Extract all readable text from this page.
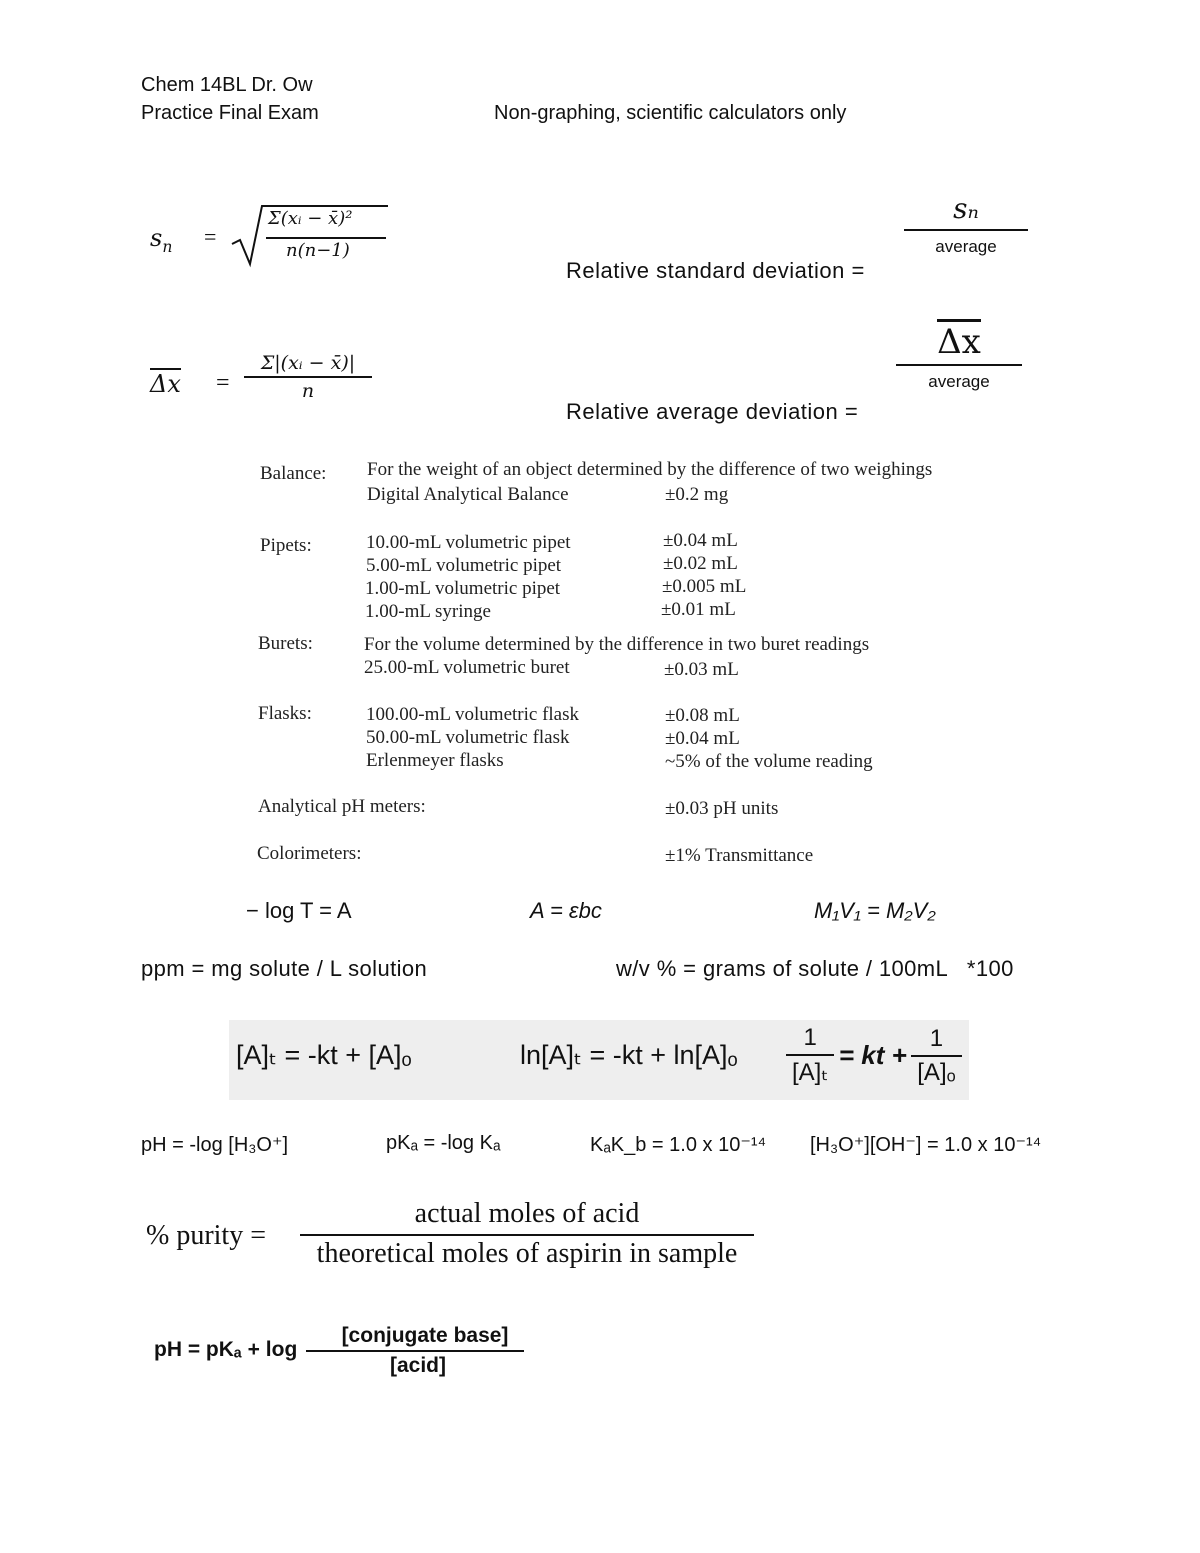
Chem 14BL Dr. Ow
Practice Final Exam	Non-graphing, scientific calculators only
$s_n$ =
Σ(xᵢ − x̄)²
n(n−1)
Relative standard deviation =
sₙ
average
$\Delta x = \frac{\text{Σ|(xᵢ − x̄)|}}{n}$
Relative average deviation =
Δx
average
Balance: For the weight of an object determined by the difference of two weighings
Digital Analytical Balance	±0.2 mg
Pipets:	10.00-mL volumetric pipet	±0.04 mL
5.00-mL volumetric pipet	±0.02 mL
1.00-mL volumetric pipet	±0.005 mL
1.00-mL syringe	±0.01 mL
Burets:	For the volume determined by the difference in two buret readings
25.00-mL volumetric buret	±0.03 mL
Flasks:	100.00-mL volumetric flask	±0.08 mL
50.00-mL volumetric flask	±0.04 mL
Erlenmeyer flasks	~5% of the volume reading
Analytical pH meters:	±0.03 pH units
Colorimeters:	±1% Transmittance
− log T = A	A = εbc	M₁V₁ = M₂V₂
ppm = mg solute / L solution	w/v % = grams of solute / 100mL   *100
[A]ₜ = -kt + [A]ₒ	$\ln[A]_t = -kt + \ln[A]_o \frac{1}{\text{[A]ₜ}}$ = kt + $\frac{1}{\text{[A]ₒ}}$
pH = -log [H₃O⁺]	pKₐ = -log Kₐ	KₐK_b = 1.0 x 10⁻¹⁴ [H₃O⁺][OH⁻] = 1.0 x 10⁻¹⁴
% purity =
actual moles of acid
theoretical moles of aspirin in sample
pH = pKₐ + log
[conjugate base]
[acid]
